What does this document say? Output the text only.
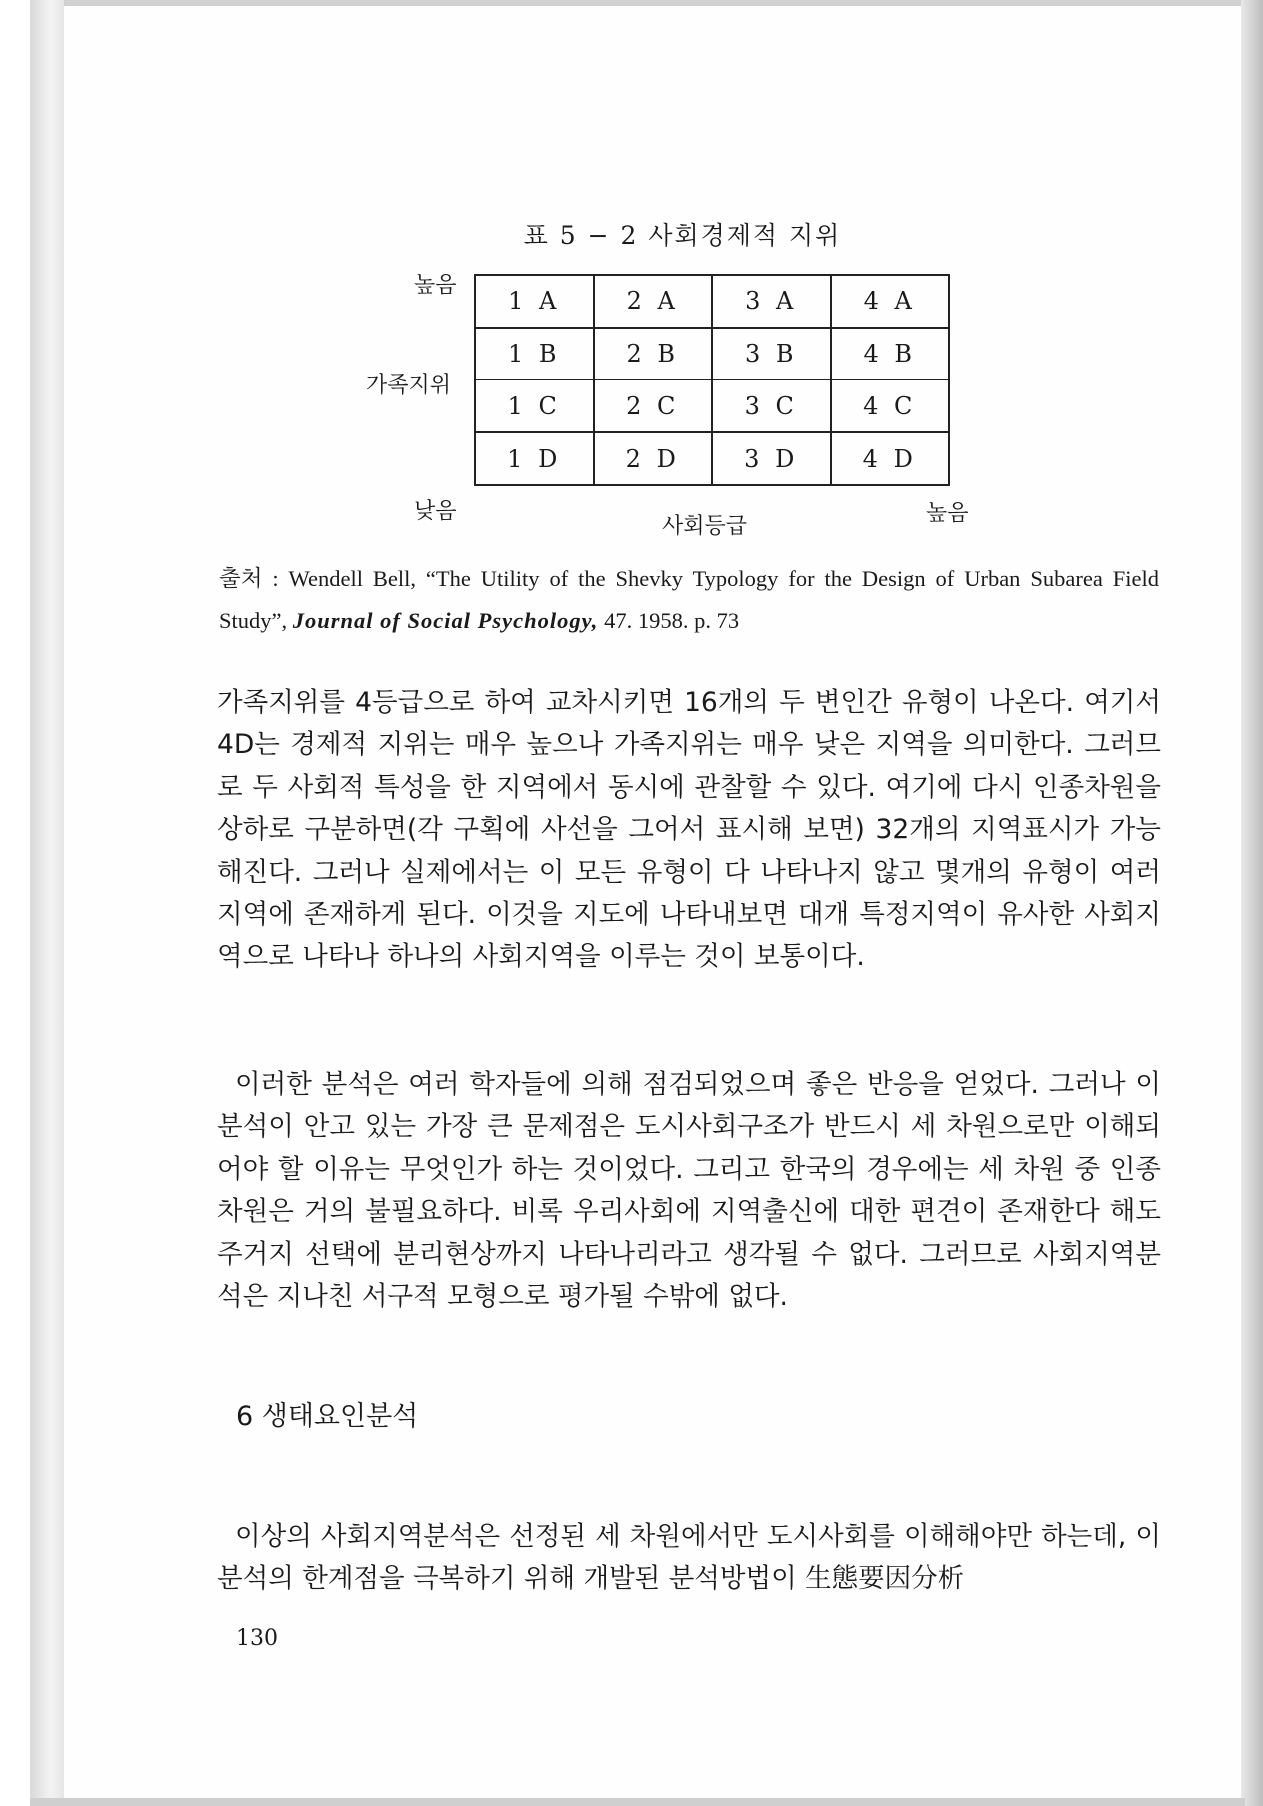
표 5 − 2 사회경제적 지위
높음
가족지위
낮음
사회등급
높음
1 A	2 A	3 A	4 A
1 B	2 B	3 B	4 B
1 C	2 C	3 C	4 C
1 D	2 D	3 D	4 D
출처 : Wendell Bell, “The Utility of the Shevky Typology for the Design of Urban Subarea Field Study”, Journal of Social Psychology, 47. 1958. p. 73

가족지위를 4등급으로 하여 교차시키면 16개의 두 변인간 유형이 나온다. 여기서 4D는 경제적 지위는 매우 높으나 가족지위는 매우 낮은 지역을 의미한다. 그러므로 두 사회적 특성을 한 지역에서 동시에 관찰할 수 있다. 여기에 다시 인종차원을 상하로 구분하면(각 구획에 사선을 그어서 표시해 보면) 32개의 지역표시가 가능해진다. 그러나 실제에서는 이 모든 유형이 다 나타나지 않고 몇개의 유형이 여러지역에 존재하게 된다. 이것을 지도에 나타내보면 대개 특정지역이 유사한 사회지역으로 나타나 하나의 사회지역을 이루는 것이 보통이다.

이러한 분석은 여러 학자들에 의해 점검되었으며 좋은 반응을 얻었다. 그러나 이 분석이 안고 있는 가장 큰 문제점은 도시사회구조가 반드시 세 차원으로만 이해되어야 할 이유는 무엇인가 하는 것이었다. 그리고 한국의 경우에는 세 차원 중 인종차원은 거의 불필요하다. 비록 우리사회에 지역출신에 대한 편견이 존재한다 해도 주거지 선택에 분리현상까지 나타나리라고 생각될 수 없다. 그러므로 사회지역분석은 지나친 서구적 모형으로 평가될 수밖에 없다.

6 생태요인분석

이상의 사회지역분석은 선정된 세 차원에서만 도시사회를 이해해야만 하는데, 이 분석의 한계점을 극복하기 위해 개발된 분석방법이 生態要因分析

130
